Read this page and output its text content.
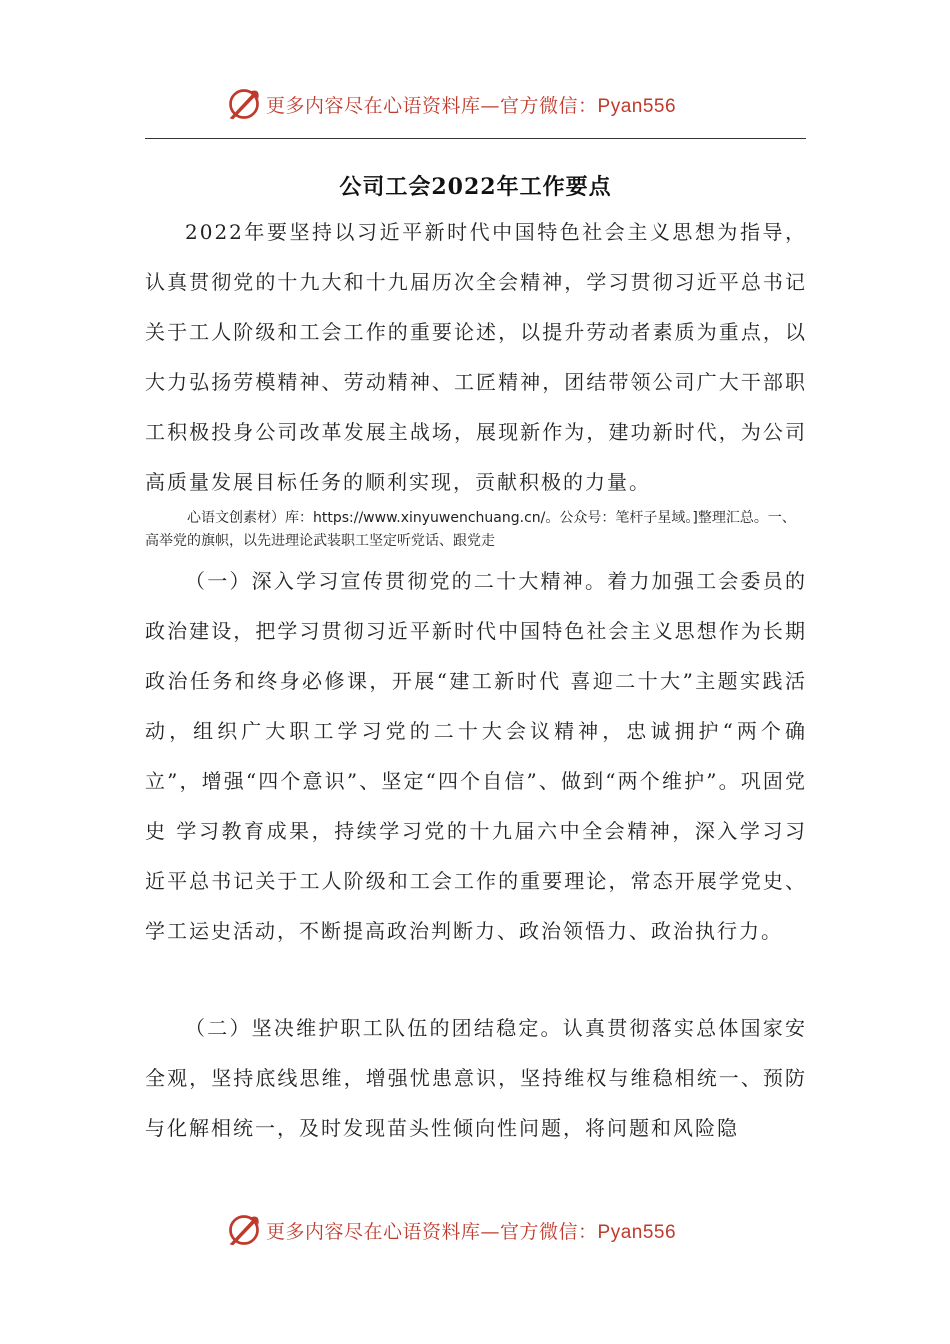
更多内容尽在心语资料库—官方微信：Pyan556
公司工会2022年工作要点

2022年要坚持以习近平新时代中国特色社会主义思想为指导，认真贯彻党的十九大和十九届历次全会精神，学习贯彻习近平总书记关于工人阶级和工会工作的重要论述，以提升劳动者素质为重点，以大力弘扬劳模精神、劳动精神、工匠精神，团结带领公司广大干部职工积极投身公司改革发展主战场，展现新作为，建功新时代，为公司高质量发展目标任务的顺利实现，贡献积极的力量。

心语文创素材）库：https://www.xinyuwenchuang.cn/。公众号：笔杆子星域。]整理汇总。一、 高举党的旗帜，以先进理论武装职工坚定听党话、跟党走

（一）深入学习宣传贯彻党的二十大精神。着力加强工会委员的政治建设，把学习贯彻习近平新时代中国特色社会主义思想作为长期政治任务和终身必修课，开展“建工新时代 喜迎二十大”主题实践活动，组织广大职工学习党的二十大会议精神，忠诚拥护“两个确立”，增强“四个意识”、坚定“四个自信”、做到“两个维护”。巩固党 史 学习教育成果，持续学习党的十九届六中全会精神，深入学习习近平总书记关于工人阶级和工会工作的重要理论，常态开展学党史、学工运史活动，不断提高政治判断力、政治领悟力、政治执行力。

（二）坚决维护职工队伍的团结稳定。认真贯彻落实总体国家安全观，坚持底线思维，增强忧患意识，坚持维权与维稳相统一、预防与化解相统一，及时发现苗头性倾向性问题，将问题和风险隐

更多内容尽在心语资料库—官方微信：Pyan556
